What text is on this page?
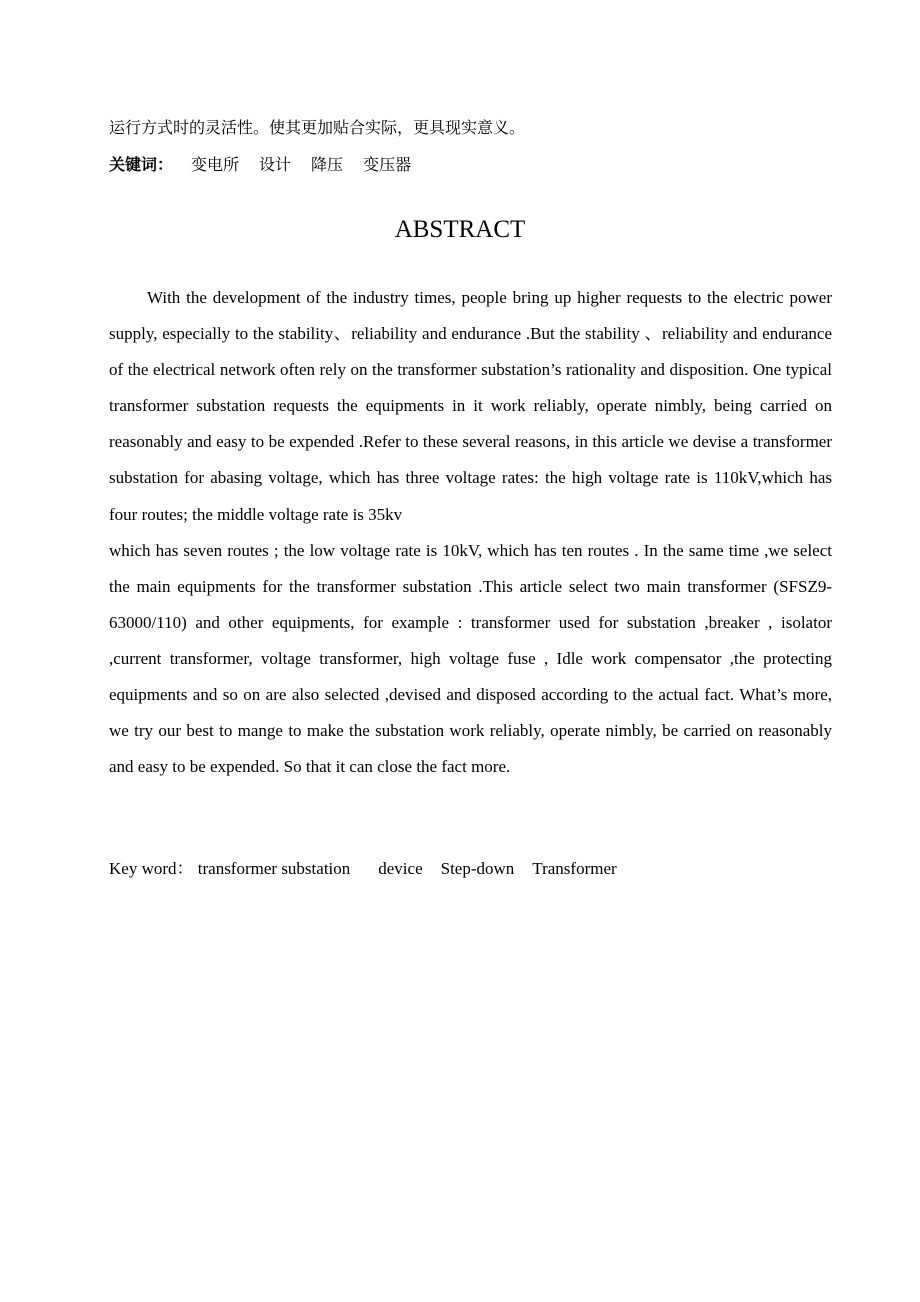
运行方式时的灵活性。使其更加贴合实际，更具现实意义。
关键词： 变电所 设计 降压 变压器
ABSTRACT

With the development of the industry times, people bring up higher requests to the electric power supply, especially to the stability、reliability and endurance .But the stability 、reliability and endurance of the electrical network often rely on the transformer substation’s rationality and disposition. One typical transformer substation requests the equipments in it work reliably, operate nimbly, being carried on reasonably and easy to be expended .Refer to these several reasons, in this article we devise a transformer substation for abasing voltage, which has three voltage rates: the high voltage rate is 110kV,which has four routes; the middle voltage rate is 35kv

which has seven routes ; the low voltage rate is 10kV, which has ten routes . In the same time ,we select the main equipments for the transformer substation .This article select two main transformer (SFSZ9-63000/110) and other equipments, for example : transformer used for substation ,breaker , isolator ,current transformer, voltage transformer, high voltage fuse , Idle work compensator ,the protecting equipments and so on are also selected ,devised and disposed according to the actual fact. What’s more, we try our best to mange to make the substation work reliably, operate nimbly, be carried on reasonably and easy to be expended. So that it can close the fact more.

Key word： transformer substation device Step-down Transformer
